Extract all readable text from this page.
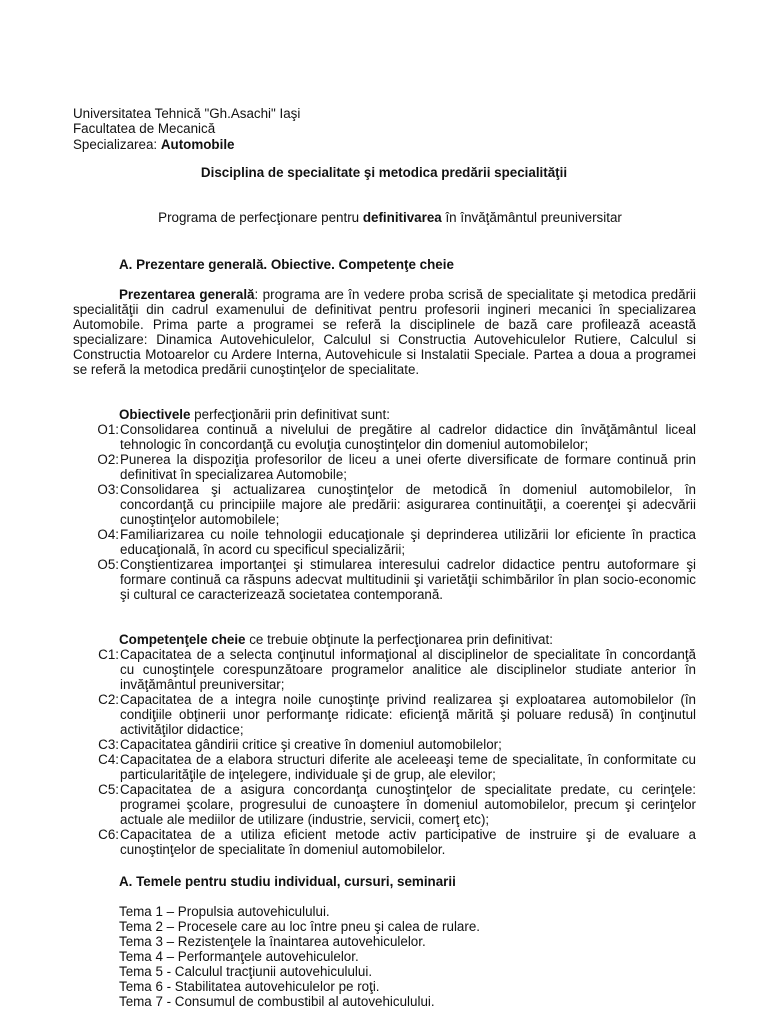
Universitatea Tehnică "Gh.Asachi" Iaşi
Facultatea de Mecanică
Specializarea: Automobile
Disciplina de specialitate şi metodica predării specialităţii
Programa de perfecţionare pentru definitivarea în învăţământul preuniversitar
A. Prezentare generală. Obiective. Competenţe cheie

Prezentarea generală: programa are în vedere proba scrisă de specialitate şi metodica predării specialităţii din cadrul examenului de definitivat pentru profesorii ingineri mecanici în specializarea Automobile. Prima parte a programei se referă la disciplinele de bază care profilează această specializare: Dinamica Autovehiculelor, Calculul si Constructia Autovehiculelor Rutiere, Calculul si Constructia Motoarelor cu Ardere Interna, Autovehicule si Instalatii Speciale. Partea a doua a programei se referă la metodica predării cunoştinţelor de specialitate.

Obiectivele perfecţionării prin definitivat sunt:
O1: Consolidarea continuă a nivelului de pregătire al cadrelor didactice din învăţământul liceal tehnologic în concordanţă cu evoluţia cunoştinţelor din domeniul automobilelor;
O2: Punerea la dispoziţia profesorilor de liceu a unei oferte diversificate de formare continuă prin definitivat în specializarea Automobile;
O3: Consolidarea şi actualizarea cunoştinţelor de metodică în domeniul automobilelor, în concordanţă cu principiile majore ale predării: asigurarea continuităţii, a coerenţei şi adecvării cunoştinţelor automobilele;
O4: Familiarizarea cu noile tehnologii educaţionale şi deprinderea utilizării lor eficiente în practica educaţională, în acord cu specificul specializării;
O5: Conştientizarea importanţei şi stimularea interesului cadrelor didactice pentru autoformare şi formare continuă ca răspuns adecvat multitudinii şi varietăţii schimbărilor în plan socio-economic şi cultural ce caracterizează societatea contemporană.
Competenţele cheie ce trebuie obţinute la perfecţionarea prin definitivat:
C1: Capacitatea de a selecta conţinutul informaţional al disciplinelor de specialitate în concordanţă cu cunoştinţele corespunzătoare programelor analitice ale disciplinelor studiate anterior în invăţământul preuniversitar;
C2: Capacitatea de a integra noile cunoştinţe privind realizarea şi exploatarea automobilelor (în condiţiile obţinerii unor performanţe ridicate: eficienţă mărită şi poluare redusă) în conţinutul activităţilor didactice;
C3: Capacitatea gândirii critice şi creative în domeniul automobilelor;
C4: Capacitatea de a elabora structuri diferite ale aceleeaşi teme de specialitate, în conformitate cu particularităţile de inţelegere, individuale şi de grup, ale elevilor;
C5: Capacitatea de a asigura concordanţa cunoştinţelor de specialitate predate, cu cerinţele: programei şcolare, progresului de cunoaştere în domeniul automobilelor, precum şi cerinţelor actuale ale mediilor de utilizare (industrie, servicii, comerţ etc);
C6: Capacitatea de a utiliza eficient metode activ participative de instruire şi de evaluare a cunoştinţelor de specialitate în domeniul automobilelor.
A. Temele pentru studiu individual, cursuri, seminarii
Tema 1 – Propulsia autovehiculului.
Tema 2 – Procesele care au loc între pneu şi calea de rulare.
Tema 3 – Rezistenţele la înaintarea autovehiculelor.
Tema 4 – Performanţele autovehiculelor.
Tema 5 - Calculul tracţiunii autovehiculului.
Tema 6 - Stabilitatea autovehiculelor pe roţi.
Tema 7 - Consumul de combustibil al autovehiculului.
